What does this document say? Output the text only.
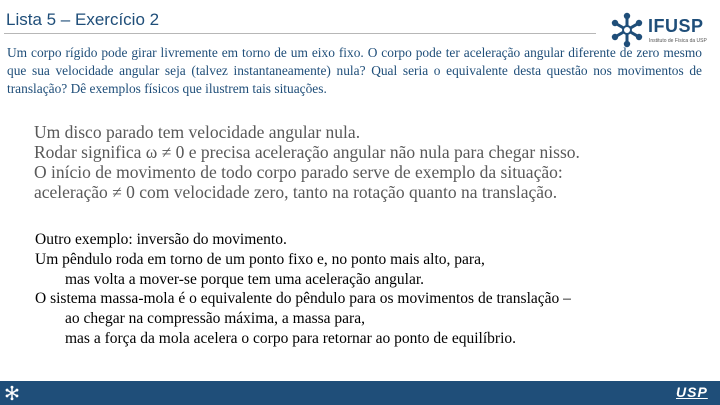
Lista 5 – Exercício 2	IFUSP
Instituto de Física da USP
Um corpo rígido pode girar livremente em torno de um eixo fixo. O corpo pode ter aceleração angular diferente de zero mesmo que sua velocidade angular seja (talvez instantaneamente) nula? Qual seria o equivalente desta questão nos movimentos de translação? Dê exemplos físicos que ilustrem tais situações.
Um disco parado tem velocidade angular nula.
Rodar significa ω ≠ 0 e precisa aceleração angular não nula para chegar nisso.
O início de movimento de todo corpo parado serve de exemplo da situação:
aceleração ≠ 0 com velocidade zero, tanto na rotação quanto na translação.
Outro exemplo: inversão do movimento.
Um pêndulo roda em torno de um ponto fixo e, no ponto mais alto, para,
mas volta a mover-se porque tem uma aceleração angular.
O sistema massa-mola é o equivalente do pêndulo para os movimentos de translação –
ao chegar na compressão máxima, a massa para,
mas a força da mola acelera o corpo para retornar ao ponto de equilíbrio.
USP
